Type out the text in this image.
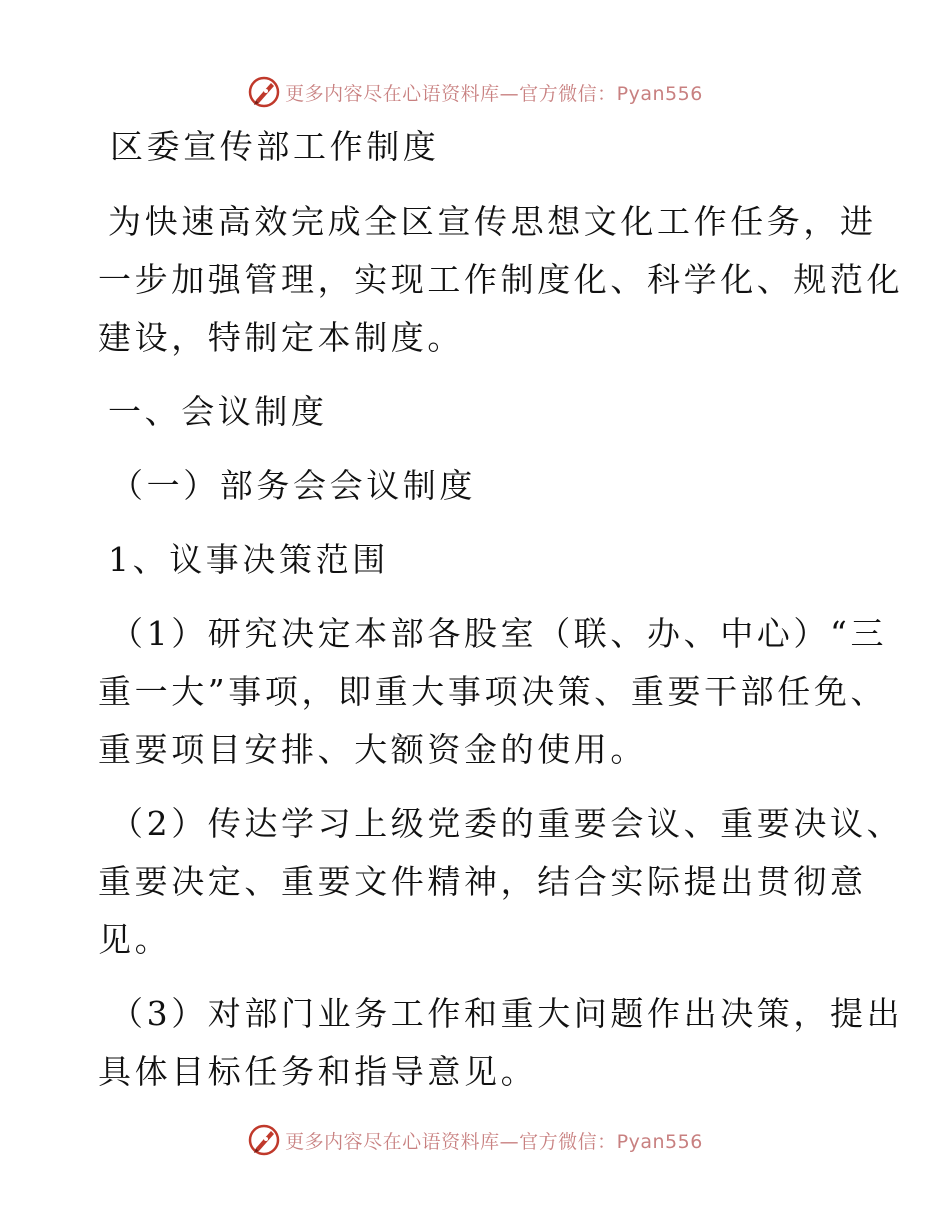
更多内容尽在心语资料库—官方微信：Pyan556
区委宣传部工作制度
为快速高效完成全区宣传思想文化工作任务，进
一步加强管理，实现工作制度化、科学化、规范化
建设，特制定本制度。
一、会议制度
（一）部务会会议制度
1、议事决策范围
（1）研究决定本部各股室（联、办、中心）“三
重一大”事项，即重大事项决策、重要干部任免、
重要项目安排、大额资金的使用。
（2）传达学习上级党委的重要会议、重要决议、
重要决定、重要文件精神，结合实际提出贯彻意
见。
（3）对部门业务工作和重大问题作出决策，提出
具体目标任务和指导意见。
更多内容尽在心语资料库—官方微信：Pyan556
